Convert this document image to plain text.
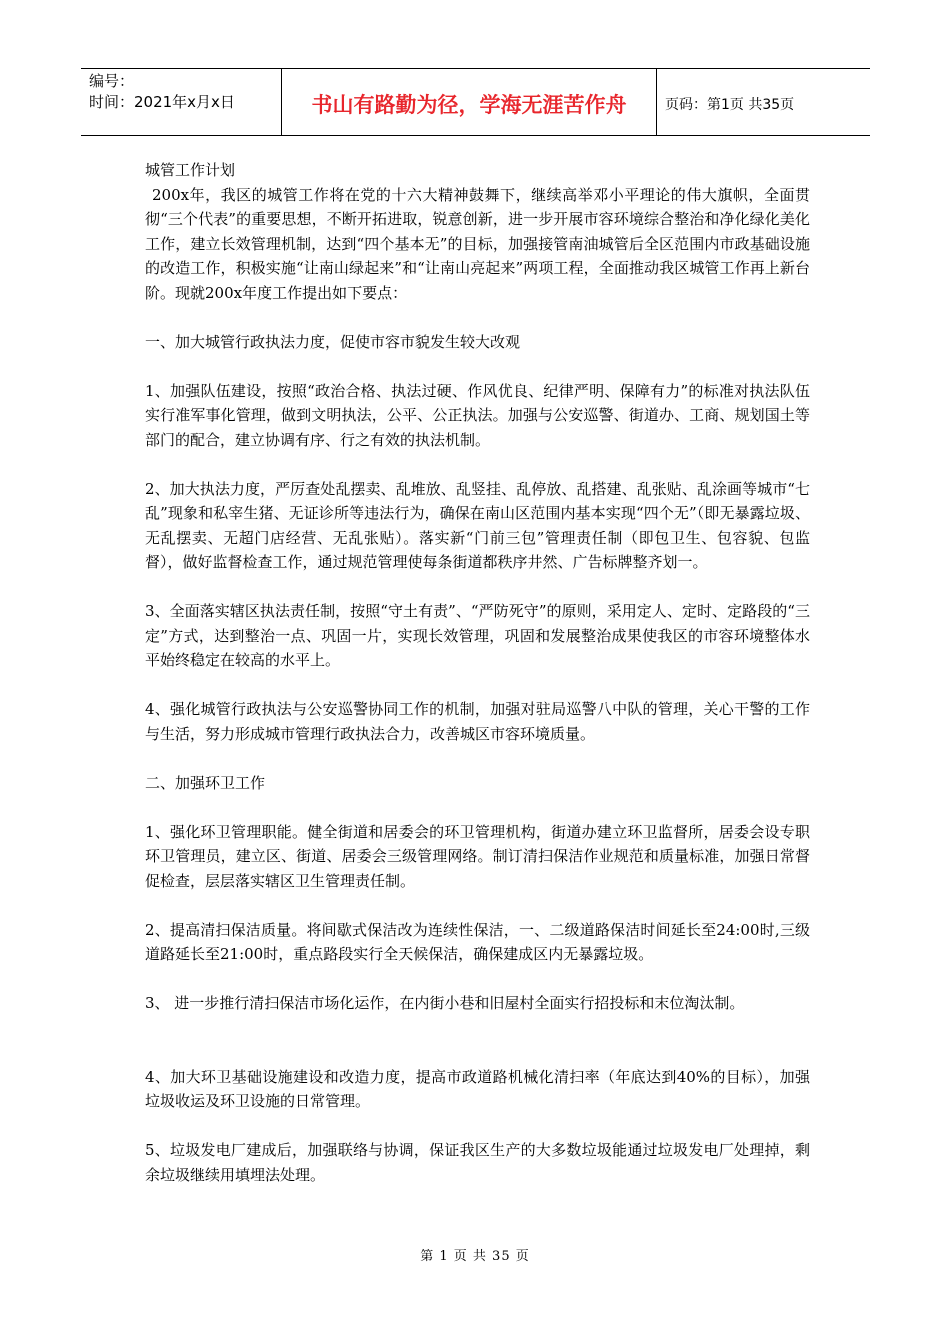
编号：
时间：2021年x月x日	书山有路勤为径，学海无涯苦作舟	页码：第1页 共35页

城管工作计划

200x年，我区的城管工作将在党的十六大精神鼓舞下，继续高举邓小平理论的伟大旗帜，全面贯彻“三个代表”的重要思想，不断开拓进取，锐意创新，进一步开展市容环境综合整治和净化绿化美化工作，建立长效管理机制，达到“四个基本无”的目标，加强接管南油城管后全区范围内市政基础设施的改造工作，积极实施“让南山绿起来”和“让南山亮起来”两项工程，全面推动我区城管工作再上新台阶。现就200x年度工作提出如下要点：

一、加大城管行政执法力度，促使市容市貌发生较大改观

1、加强队伍建设，按照“政治合格、执法过硬、作风优良、纪律严明、保障有力”的标准对执法队伍实行准军事化管理，做到文明执法，公平、公正执法。加强与公安巡警、街道办、工商、规划国土等部门的配合，建立协调有序、行之有效的执法机制。

2、加大执法力度，严厉查处乱摆卖、乱堆放、乱竖挂、乱停放、乱搭建、乱张贴、乱涂画等城市“七乱”现象和私宰生猪、无证诊所等违法行为，确保在南山区范围内基本实现“四个无”（即无暴露垃圾、无乱摆卖、无超门店经营、无乱张贴）。落实新“门前三包”管理责任制（即包卫生、包容貌、包监督），做好监督检查工作，通过规范管理使每条街道都秩序井然、广告标牌整齐划一。

3、全面落实辖区执法责任制，按照“守土有责”、“严防死守”的原则，采用定人、定时、定路段的“三定”方式，达到整治一点、巩固一片，实现长效管理，巩固和发展整治成果使我区的市容环境整体水平始终稳定在较高的水平上。

4、强化城管行政执法与公安巡警协同工作的机制，加强对驻局巡警八中队的管理，关心干警的工作与生活，努力形成城市管理行政执法合力，改善城区市容环境质量。

二、加强环卫工作

1、强化环卫管理职能。健全街道和居委会的环卫管理机构，街道办建立环卫监督所，居委会设专职环卫管理员，建立区、街道、居委会三级管理网络。制订清扫保洁作业规范和质量标准，加强日常督促检查，层层落实辖区卫生管理责任制。

2、提高清扫保洁质量。将间歇式保洁改为连续性保洁，一、二级道路保洁时间延长至24:00时,三级道路延长至21:00时，重点路段实行全天候保洁，确保建成区内无暴露垃圾。

3、 进一步推行清扫保洁市场化运作，在内街小巷和旧屋村全面实行招投标和末位淘汰制。

4、加大环卫基础设施建设和改造力度，提高市政道路机械化清扫率（年底达到40%的目标），加强垃圾收运及环卫设施的日常管理。

5、垃圾发电厂建成后，加强联络与协调，保证我区生产的大多数垃圾能通过垃圾发电厂处理掉，剩余垃圾继续用填埋法处理。

第 1 页 共 35 页
